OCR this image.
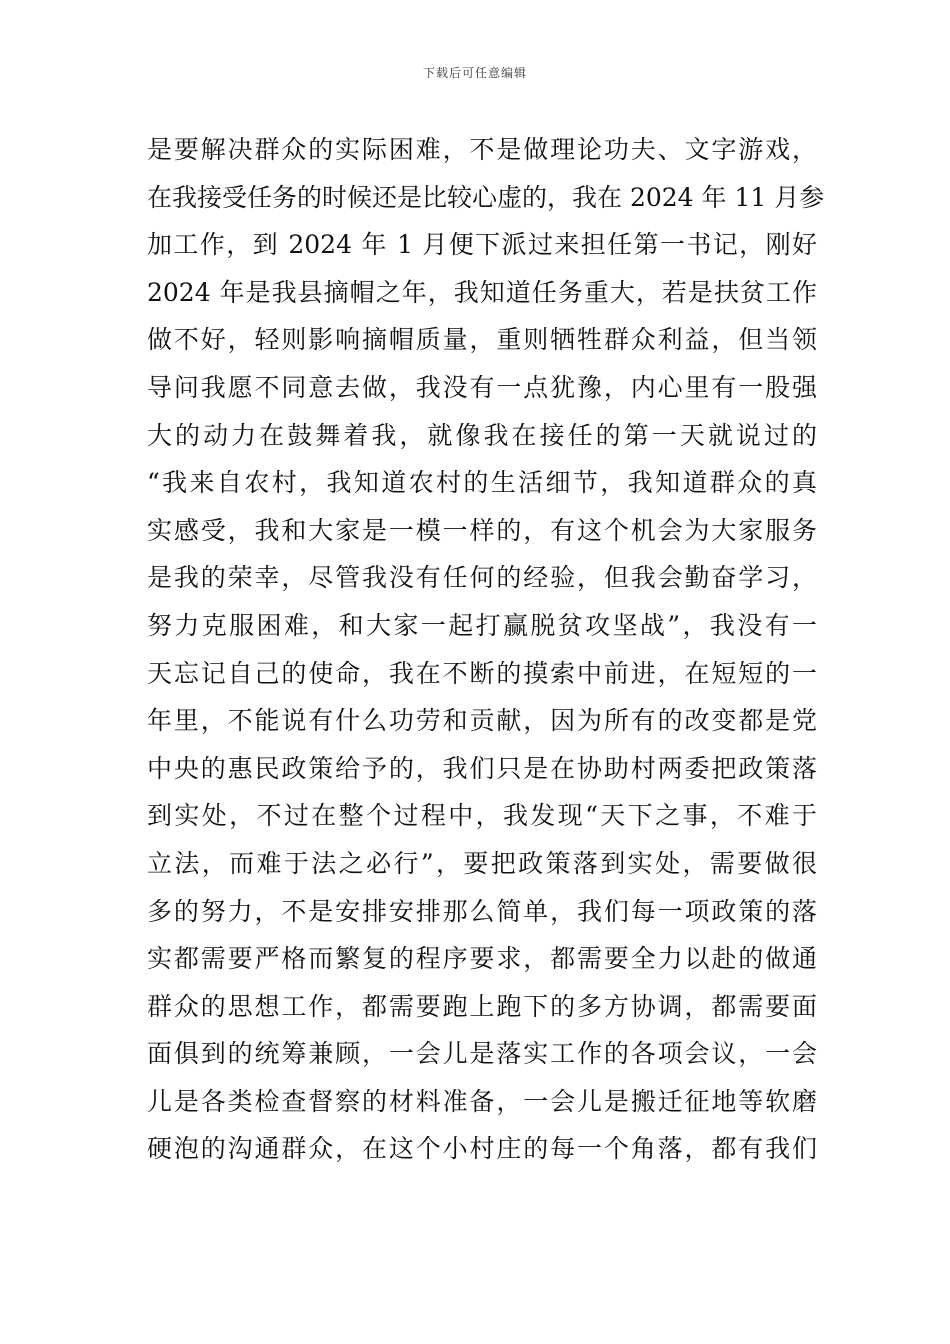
下载后可任意编辑
是要解决群众的实际困难，不是做理论功夫、文字游戏，
在我接受任务的时候还是比较心虚的，我在 2024 年 11 月参
加工作，到 2024 年 1 月便下派过来担任第一书记，刚好
2024 年是我县摘帽之年，我知道任务重大，若是扶贫工作
做不好，轻则影响摘帽质量，重则牺牲群众利益，但当领
导问我愿不同意去做，我没有一点犹豫，内心里有一股强
大的动力在鼓舞着我，就像我在接任的第一天就说过的
“我来自农村，我知道农村的生活细节，我知道群众的真
实感受，我和大家是一模一样的，有这个机会为大家服务
是我的荣幸，尽管我没有任何的经验，但我会勤奋学习，
努力克服困难，和大家一起打赢脱贫攻坚战”，我没有一
天忘记自己的使命，我在不断的摸索中前进，在短短的一
年里，不能说有什么功劳和贡献，因为所有的改变都是党
中央的惠民政策给予的，我们只是在协助村两委把政策落
到实处，不过在整个过程中，我发现“天下之事，不难于
立法，而难于法之必行”，要把政策落到实处，需要做很
多的努力，不是安排安排那么简单，我们每一项政策的落
实都需要严格而繁复的程序要求，都需要全力以赴的做通
群众的思想工作，都需要跑上跑下的多方协调，都需要面
面俱到的统筹兼顾，一会儿是落实工作的各项会议，一会
儿是各类检查督察的材料准备，一会儿是搬迁征地等软磨
硬泡的沟通群众，在这个小村庄的每一个角落，都有我们
